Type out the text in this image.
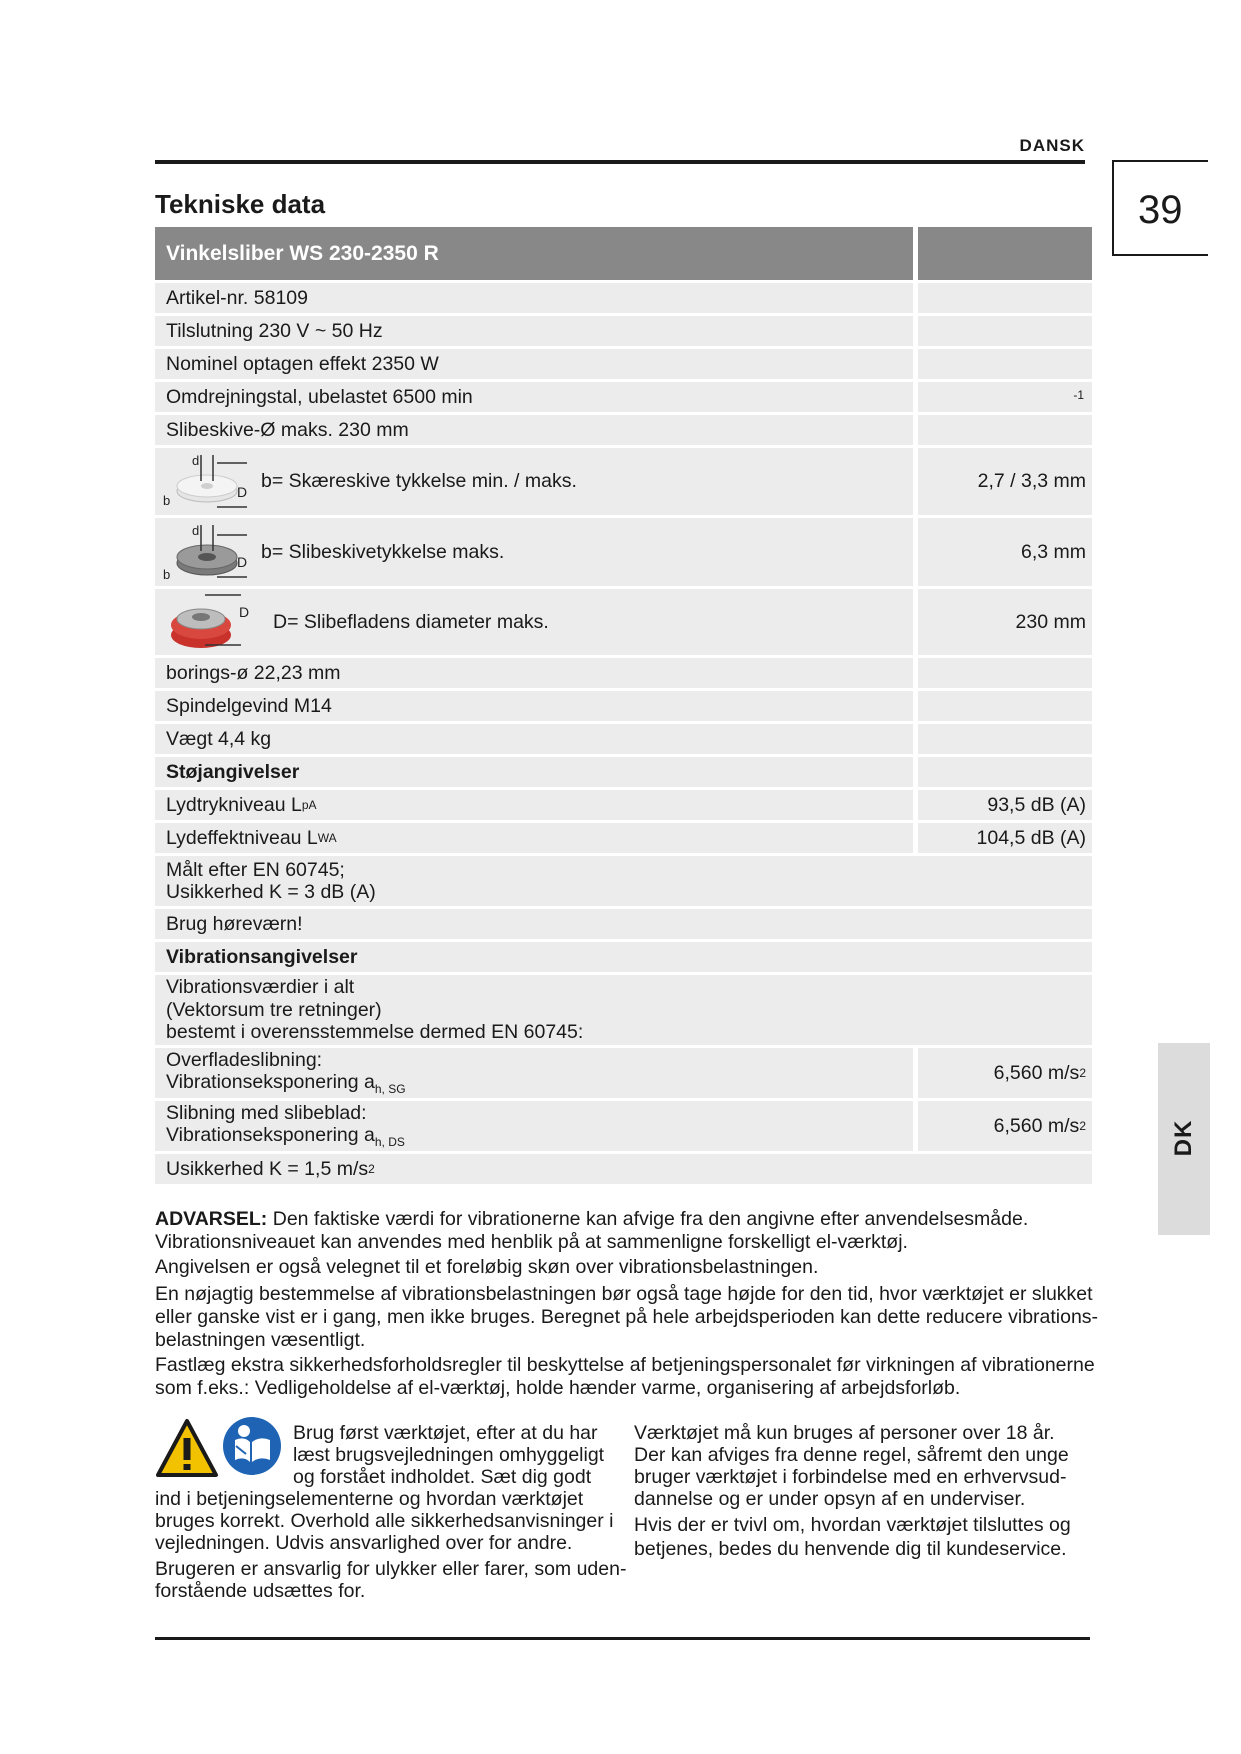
DANSK
39
DK
Tekniske data
Vinkelsliber WS 230-2350 R
Artikel-nr. 58109
Tilslutning 230 V ~ 50 Hz
Nominel optagen effekt 2350 W
Omdrejningstal, ubelastet 6500 min	-1
Slibeskive-Ø maks. 230 mm
d
D
b
b= Skæreskive tykkelse min. / maks.	2,7 / 3,3 mm
d
D
b
b= Slibeskivetykkelse maks.	6,3 mm
D D= Slibefladens diameter maks.	230 mm
borings-ø 22,23 mm
Spindelgevind M14
Vægt 4,4 kg
Støjangivelser
Lydtrykniveau L pA	93,5 dB (A)
Lydeffektniveau L WA	104,5 dB (A)
Målt efter EN 60745;
Usikkerhed K = 3 dB (A)
Brug høreværn!
Vibrationsangivelser
Vibrationsværdier i alt
(Vektorsum tre retninger)
bestemt i overensstemmelse dermed EN 60745:
Overfladeslibning:
Vibrationseksponering $a_{h, SG}$
6,560 m/s 2
Slibning med slibeblad:
Vibrationseksponering $a_{h, DS}$
6,560 m/s 2
Usikkerhed K = 1,5 m/s 2
ADVARSEL: Den faktiske værdi for vibrationerne kan afvige fra den angivne efter anvendelsesmåde.
Vibrationsniveauet kan anvendes med henblik på at sammenligne forskelligt el-værktøj.
Angivelsen er også velegnet til et foreløbig skøn over vibrationsbelastningen.
En nøjagtig bestemmelse af vibrationsbelastningen bør også tage højde for den tid, hvor værktøjet er slukket
eller ganske vist er i gang, men ikke bruges. Beregnet på hele arbejdsperioden kan dette reducere vibrations-
belastningen væsentligt.
Fastlæg ekstra sikkerhedsforholdsregler til beskyttelse af betjeningspersonalet før virkningen af vibrationerne
som f.eks.: Vedligeholdelse af el-værktøj, holde hænder varme, organisering af arbejdsforløb.
Brug først værktøjet, efter at du har
læst brugsvejledningen omhyggeligt
og forstået indholdet. Sæt dig godt
ind i betjeningselementerne og hvordan værktøjet
bruges korrekt. Overhold alle sikkerhedsanvisninger i
vejledningen. Udvis ansvarlighed over for andre.
Brugeren er ansvarlig for ulykker eller farer, som uden-
forstående udsættes for.
Værktøjet må kun bruges af personer over 18 år.
Der kan afviges fra denne regel, såfremt den unge
bruger værktøjet i forbindelse med en erhvervsud-
dannelse og er under opsyn af en underviser.
Hvis der er tvivl om, hvordan værktøjet tilsluttes og
betjenes, bedes du henvende dig til kundeservice.
